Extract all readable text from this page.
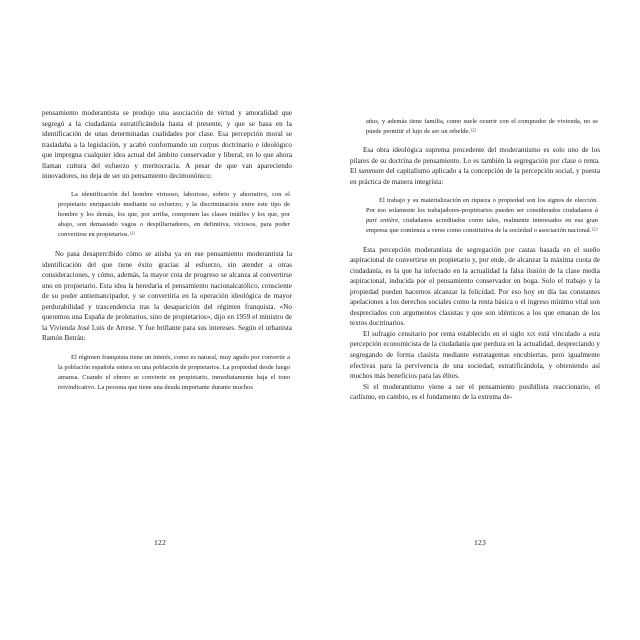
pensamiento moderantista se produjo una asociación de virtud y amoralidad que segregó a la ciudadanía estratificándola hasta el presente, y que se basa en la identificación de unas determinadas cualidades por clase. Esa percepción moral se trasladaba a la legislación, y acabó conformando un corpus doctrinario e ideológico que impregna cualquier idea actual del ámbito conservador y liberal, en lo que ahora llaman cultura del esfuerzo y meritocracia. A pesar de que van apareciendo innovadores, no deja de ser un pensamiento decimonónico:

La identificación del hombre virtuoso, laborioso, sobrio y ahorrativo, con el propietario enriquecido mediante su esfuerzo; y la discriminación entre este tipo de hombre y los demás, los que, por arriba, componen las clases inútiles y los que, por abajo, son demasiado vagos o despilfarradores, en definitiva, viciosos, para poder convertirse en propietarios.$^{121}$

No pasa desapercibido cómo se atisba ya en ese pensamiento moderantista la identificación del que tiene éxito gracias al esfuerzo, sin atender a otras consideraciones, y cómo, además, la mayor cota de progreso se alcanza al convertirse uno en propietario. Esta idea la heredaría el pensamiento nacionalcatólico, consciente de su poder antiemancipador, y se convertiría en la operación ideológica de mayor perdurabilidad y trascendencia tras la desaparición del régimen franquista. «No queremos una España de proletarios, sino de propietarios», dijo en 1959 el ministro de la Vivienda José Luis de Arrese. Y fue brillante para sus intereses. Según el urbanista Ramón Betrán:

El régimen franquista tiene un interés, como es natural, muy agudo por convertir a la población española entera en una población de propietarios. La propiedad desde luego amansa. Cuando el obrero se convierte en propietario, inmediatamente baja el tono reivindicativo. La persona que tiene una deuda importante durante muchos

122

años, y además tiene familia, como suele ocurrir con el comprador de vivienda, no se puede permitir el lujo de ser un rebelde.$^{122}$

Esa obra ideológica suprema procedente del moderantismo es solo uno de los pilares de su doctrina de pensamiento. Lo es también la segregación por clase o renta. El summum del capitalismo aplicado a la concepción de la percepción social, y puesta en práctica de manera integrista:

El trabajo y su materialización en riqueza o propiedad son los signos de elección. Por eso solamente los trabajadores-propietarios pueden ser considerados ciudadanos à part entière, ciudadanos acreditados como tales, realmente interesados en esa gran empresa que comienza a verse como constitutiva de la sociedad o asociación nacional.$^{123}$

Esta percepción moderantista de segregación por castas basada en el sueño aspiracional de convertirse en propietario y, por ende, de alcanzar la máxima cuota de ciudadanía, es la que ha infectado en la actualidad la falsa ilusión de la clase media aspiracional, inducida por el pensamiento conservador en boga. Solo el trabajo y la propiedad pueden hacernos alcanzar la felicidad. Por eso hoy en día las constantes apelaciones a los derechos sociales como la renta básica o el ingreso mínimo vital son despreciados con argumentos clasistas y que son idénticos a los que emanan de los textos doctrinarios.

El sufragio censitario por renta establecido en el siglo xix está vinculado a esta percepción economicista de la ciudadanía que perdura en la actualidad, despreciando y segregando de forma clasista mediante estratagemas encubiertas, pero igualmente efectivas para la pervivencia de una sociedad, estratificándola, y obteniendo así muchos más beneficios para las élites.

Si el moderantismo viene a ser el pensamiento posibilista reaccionario, el carlismo, en cambio, es el fundamento de la extrema de-

123
